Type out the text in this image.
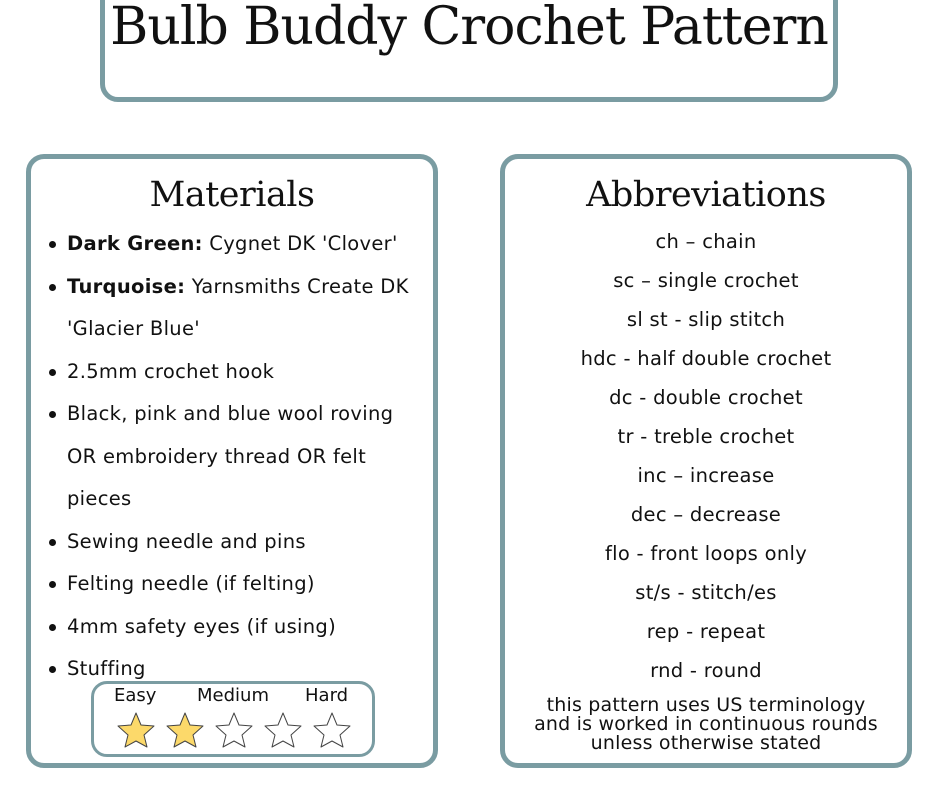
Bulb Buddy Crochet Pattern
Materials
Dark Green: Cygnet DK 'Clover'
Turquoise: Yarnsmiths Create DK 'Glacier Blue'
2.5mm crochet hook
Black, pink and blue wool roving OR embroidery thread OR felt pieces
Sewing needle and pins
Felting needle (if felting)
4mm safety eyes (if using)
Stuffing
Easy Medium Hard
Abbreviations
ch – chain
sc – single crochet
sl st - slip stitch
hdc - half double crochet
dc - double crochet
tr - treble crochet
inc – increase
dec – decrease
flo - front loops only
st/s - stitch/es
rep - repeat
rnd - round
this pattern uses US terminology
and is worked in continuous rounds
unless otherwise stated
